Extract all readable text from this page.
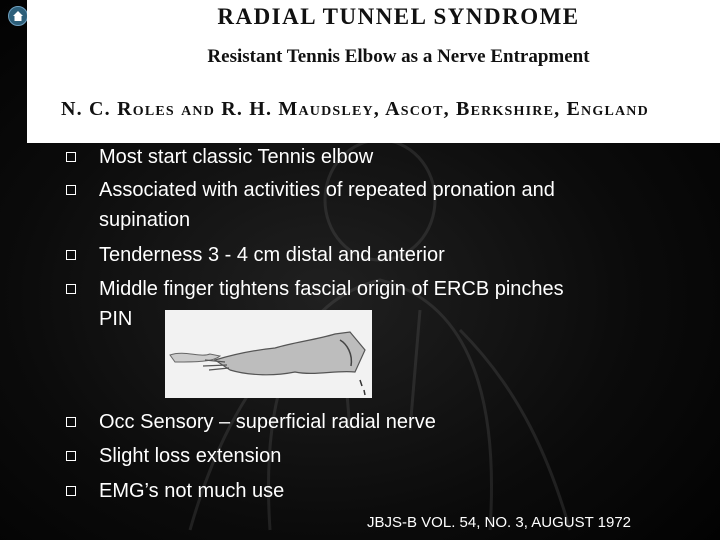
RADIAL TUNNEL SYNDROME
Resistant Tennis Elbow as a Nerve Entrapment
N. C. Roles and R. H. Maudsley, Ascot, Berkshire, England
Most start classic Tennis elbow
Associated with activities of repeated pronation and
supination
Tenderness 3 - 4 cm distal and anterior
Middle finger tightens fascial origin of ERCB pinches
PIN
Occ Sensory – superficial radial nerve
Slight loss extension
EMG’s not much use
JBJS-B VOL. 54, NO. 3, AUGUST 1972
